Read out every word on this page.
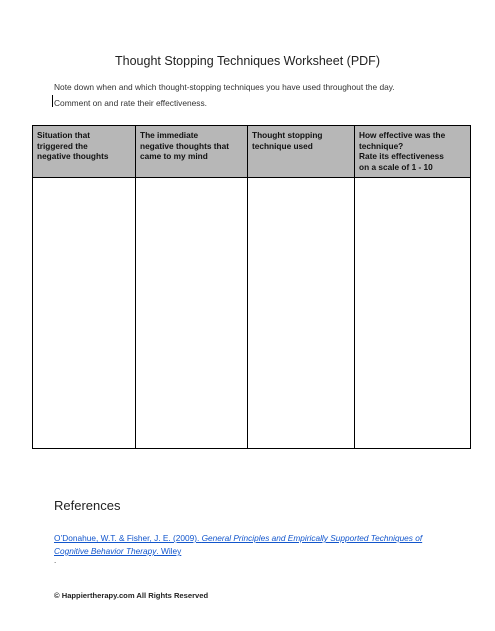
Thought Stopping Techniques Worksheet (PDF)
Note down when and which thought-stopping techniques you have used throughout the day.
Comment on and rate their effectiveness.
Situation that
triggered the
negative thoughts	The immediate
negative thoughts that
came to my mind	Thought stopping
technique used	How effective was the
technique?
Rate its effectiveness
on a scale of 1 - 10

References
O’Donahue, W.T. & Fisher, J. E. (2009). General Principles and Empirically Supported Techniques of Cognitive Behavior Therapy. Wiley
.
© Happiertherapy.com All Rights Reserved
